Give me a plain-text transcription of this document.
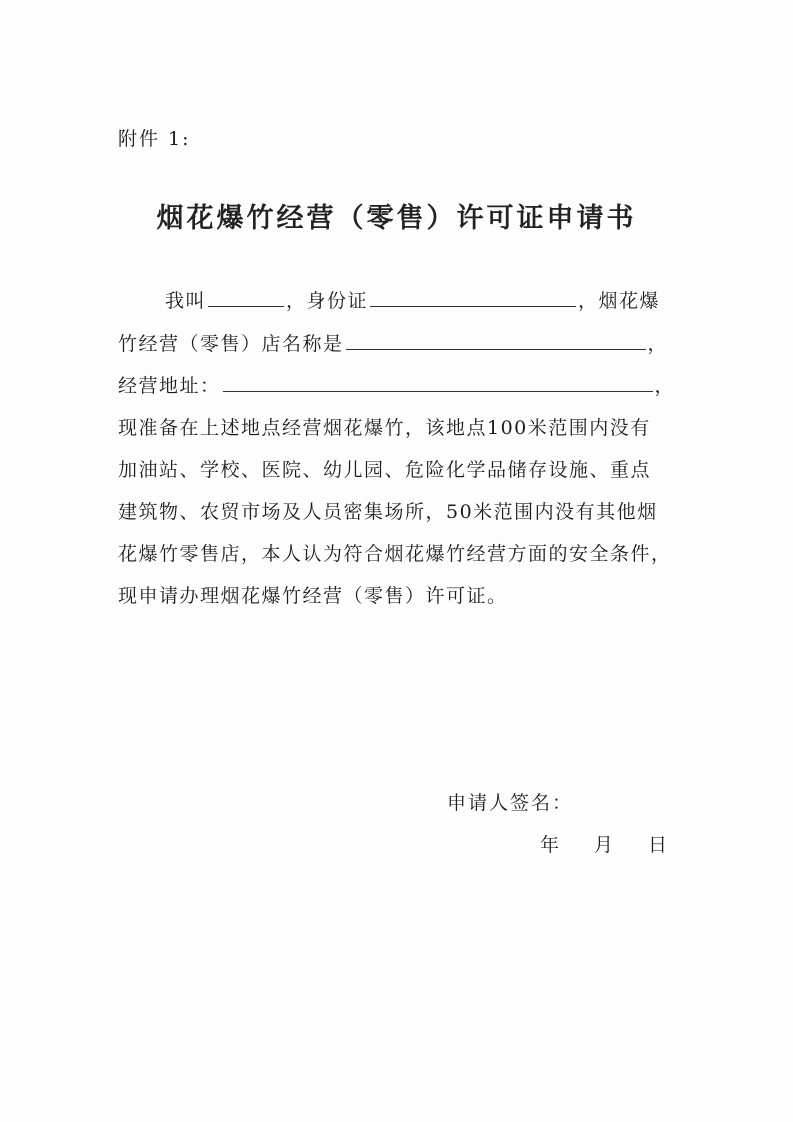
附件 1:
烟花爆竹经营（零售）许可证申请书
我叫	，身份证	，烟花爆
竹经营（零售）店名称是	，
经营地址：	，
现准备在上述地点经营烟花爆竹，该地点100米范围内没有
加油站、学校、医院、幼儿园、危险化学品储存设施、重点
建筑物、农贸市场及人员密集场所，50米范围内没有其他烟
花爆竹零售店，本人认为符合烟花爆竹经营方面的安全条件，
现申请办理烟花爆竹经营（零售）许可证。
申请人签名：
年 月 日
